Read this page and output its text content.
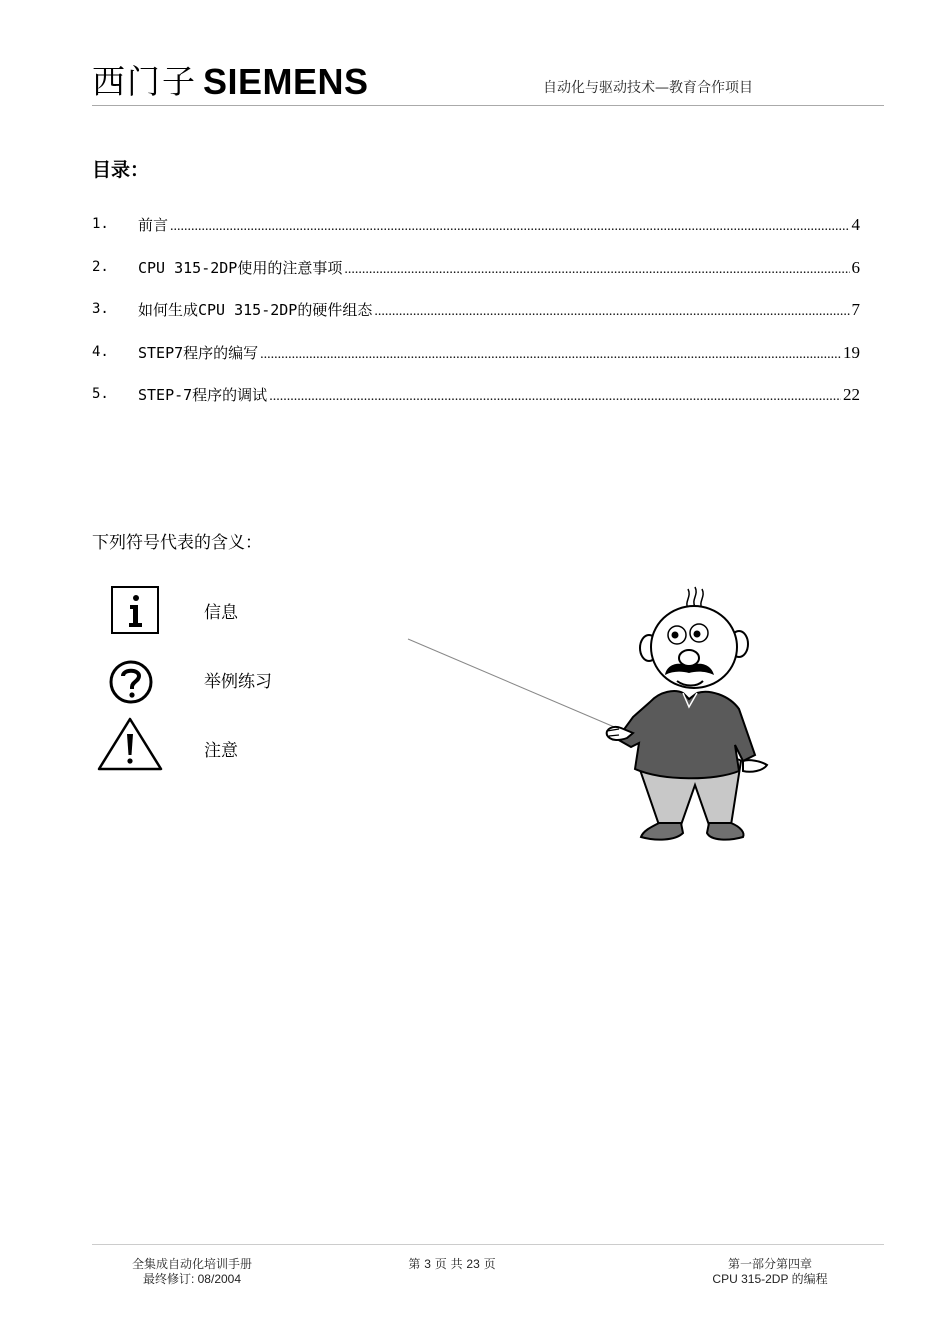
西门子 SIEMENS	自动化与驱动技术—教育合作项目
目录：
1. 前言 .....	4
2. CPU 315-2DP使用的注意事项 .....	6
3. 如何生成CPU 315-2DP的硬件组态 .....	7
4. STEP7程序的编写 .....	19
5. STEP-7程序的调试 .....	22
下列符号代表的含义：
信息
举例练习
注意
全集成自动化培训手册
最终修订: 08/2004
第 3 页 共 23 页	第一部分第四章
CPU 315-2DP 的编程
